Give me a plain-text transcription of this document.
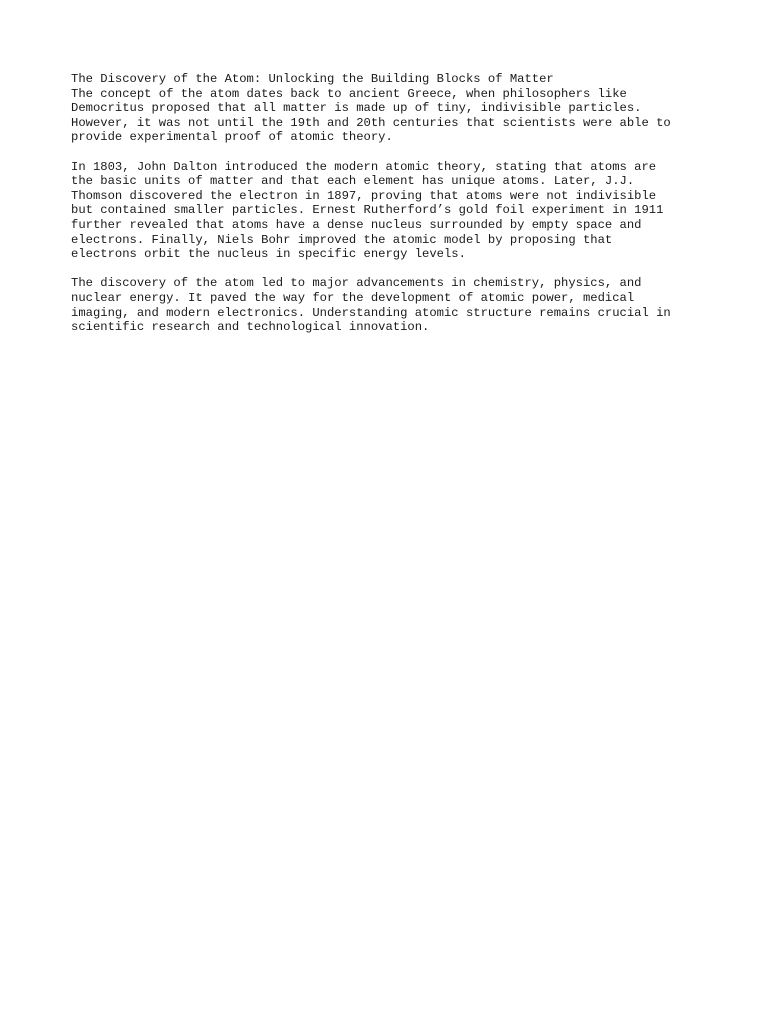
The Discovery of the Atom: Unlocking the Building Blocks of Matter
The concept of the atom dates back to ancient Greece, when philosophers like
Democritus proposed that all matter is made up of tiny, indivisible particles.
However, it was not until the 19th and 20th centuries that scientists were able to
provide experimental proof of atomic theory.
In 1803, John Dalton introduced the modern atomic theory, stating that atoms are
the basic units of matter and that each element has unique atoms. Later, J.J.
Thomson discovered the electron in 1897, proving that atoms were not indivisible
but contained smaller particles. Ernest Rutherford’s gold foil experiment in 1911
further revealed that atoms have a dense nucleus surrounded by empty space and
electrons. Finally, Niels Bohr improved the atomic model by proposing that
electrons orbit the nucleus in specific energy levels.
The discovery of the atom led to major advancements in chemistry, physics, and
nuclear energy. It paved the way for the development of atomic power, medical
imaging, and modern electronics. Understanding atomic structure remains crucial in
scientific research and technological innovation.
